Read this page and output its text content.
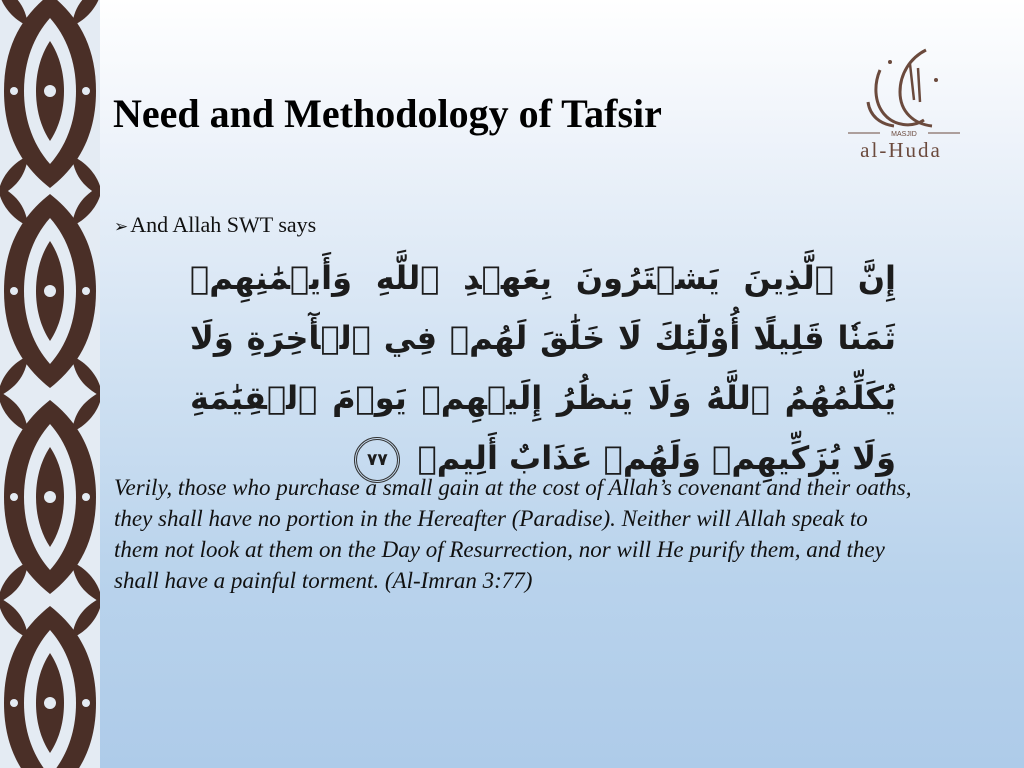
Need and Methodology of Tafsir	MASJID
al-Huda

➢And Allah SWT says

إِنَّ ٱلَّذِينَ يَشۡتَرُونَ بِعَهۡدِ ٱللَّهِ وَأَيۡمَٰنِهِمۡ ثَمَنٗا قَلِيلًا أُوْلَٰٓئِكَ لَا خَلَٰقَ لَهُمۡ فِي ٱلۡأٓخِرَةِ وَلَا يُكَلِّمُهُمُ ٱللَّهُ وَلَا يَنظُرُ إِلَيۡهِمۡ يَوۡمَ ٱلۡقِيَٰمَةِ وَلَا يُزَكِّيهِمۡ وَلَهُمۡ عَذَابٌ أَلِيمٞ ٧٧

Verily, those who purchase a small gain at the cost of Allah’s covenant and their oaths, they shall have no portion in the Hereafter (Paradise). Neither will Allah speak to them not look at them on the Day of Resurrection, nor will He purify them, and they shall have a painful torment. (Al-Imran 3:77)
